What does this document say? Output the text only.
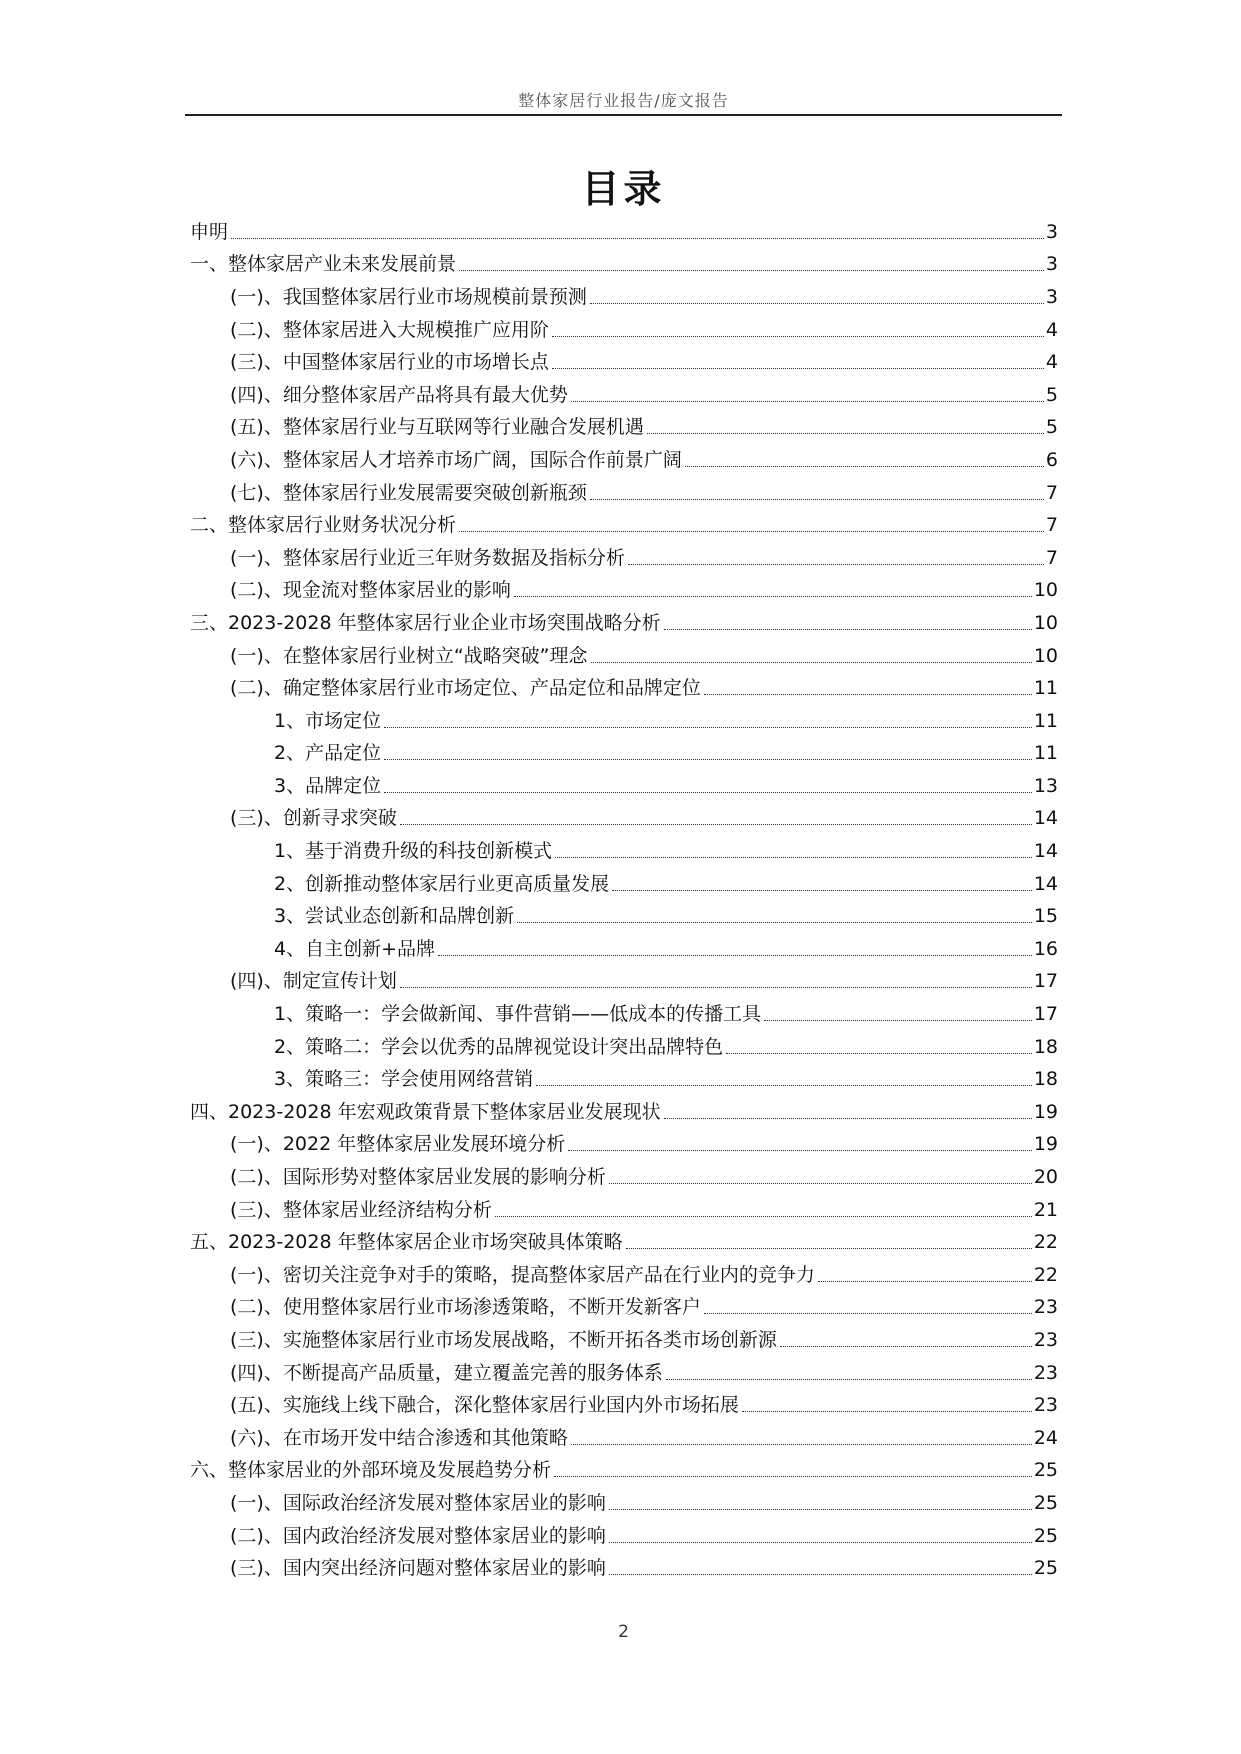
整体家居行业报告/庞文报告
目录
申明	3
一、整体家居产业未来发展前景	3
(一)、我国整体家居行业市场规模前景预测	3
(二)、整体家居进入大规模推广应用阶	4
(三)、中国整体家居行业的市场增长点	4
(四)、细分整体家居产品将具有最大优势	5
(五)、整体家居行业与互联网等行业融合发展机遇	5
(六)、整体家居人才培养市场广阔，国际合作前景广阔	6
(七)、整体家居行业发展需要突破创新瓶颈	7
二、整体家居行业财务状况分析	7
(一)、整体家居行业近三年财务数据及指标分析	7
(二)、现金流对整体家居业的影响	10
三、2023-2028 年整体家居行业企业市场突围战略分析	10
(一)、在整体家居行业树立“战略突破”理念	10
(二)、确定整体家居行业市场定位、产品定位和品牌定位	11
1、市场定位	11
2、产品定位	11
3、品牌定位	13
(三)、创新寻求突破	14
1、基于消费升级的科技创新模式	14
2、创新推动整体家居行业更高质量发展	14
3、尝试业态创新和品牌创新	15
4、自主创新+品牌	16
(四)、制定宣传计划	17
1、策略一：学会做新闻、事件营销——低成本的传播工具	17
2、策略二：学会以优秀的品牌视觉设计突出品牌特色	18
3、策略三：学会使用网络营销	18
四、2023-2028 年宏观政策背景下整体家居业发展现状	19
(一)、2022 年整体家居业发展环境分析	19
(二)、国际形势对整体家居业发展的影响分析	20
(三)、整体家居业经济结构分析	21
五、2023-2028 年整体家居企业市场突破具体策略	22
(一)、密切关注竞争对手的策略，提高整体家居产品在行业内的竞争力	22
(二)、使用整体家居行业市场渗透策略，不断开发新客户	23
(三)、实施整体家居行业市场发展战略，不断开拓各类市场创新源	23
(四)、不断提高产品质量，建立覆盖完善的服务体系	23
(五)、实施线上线下融合，深化整体家居行业国内外市场拓展	23
(六)、在市场开发中结合渗透和其他策略	24
六、整体家居业的外部环境及发展趋势分析	25
(一)、国际政治经济发展对整体家居业的影响	25
(二)、国内政治经济发展对整体家居业的影响	25
(三)、国内突出经济问题对整体家居业的影响	25
2
